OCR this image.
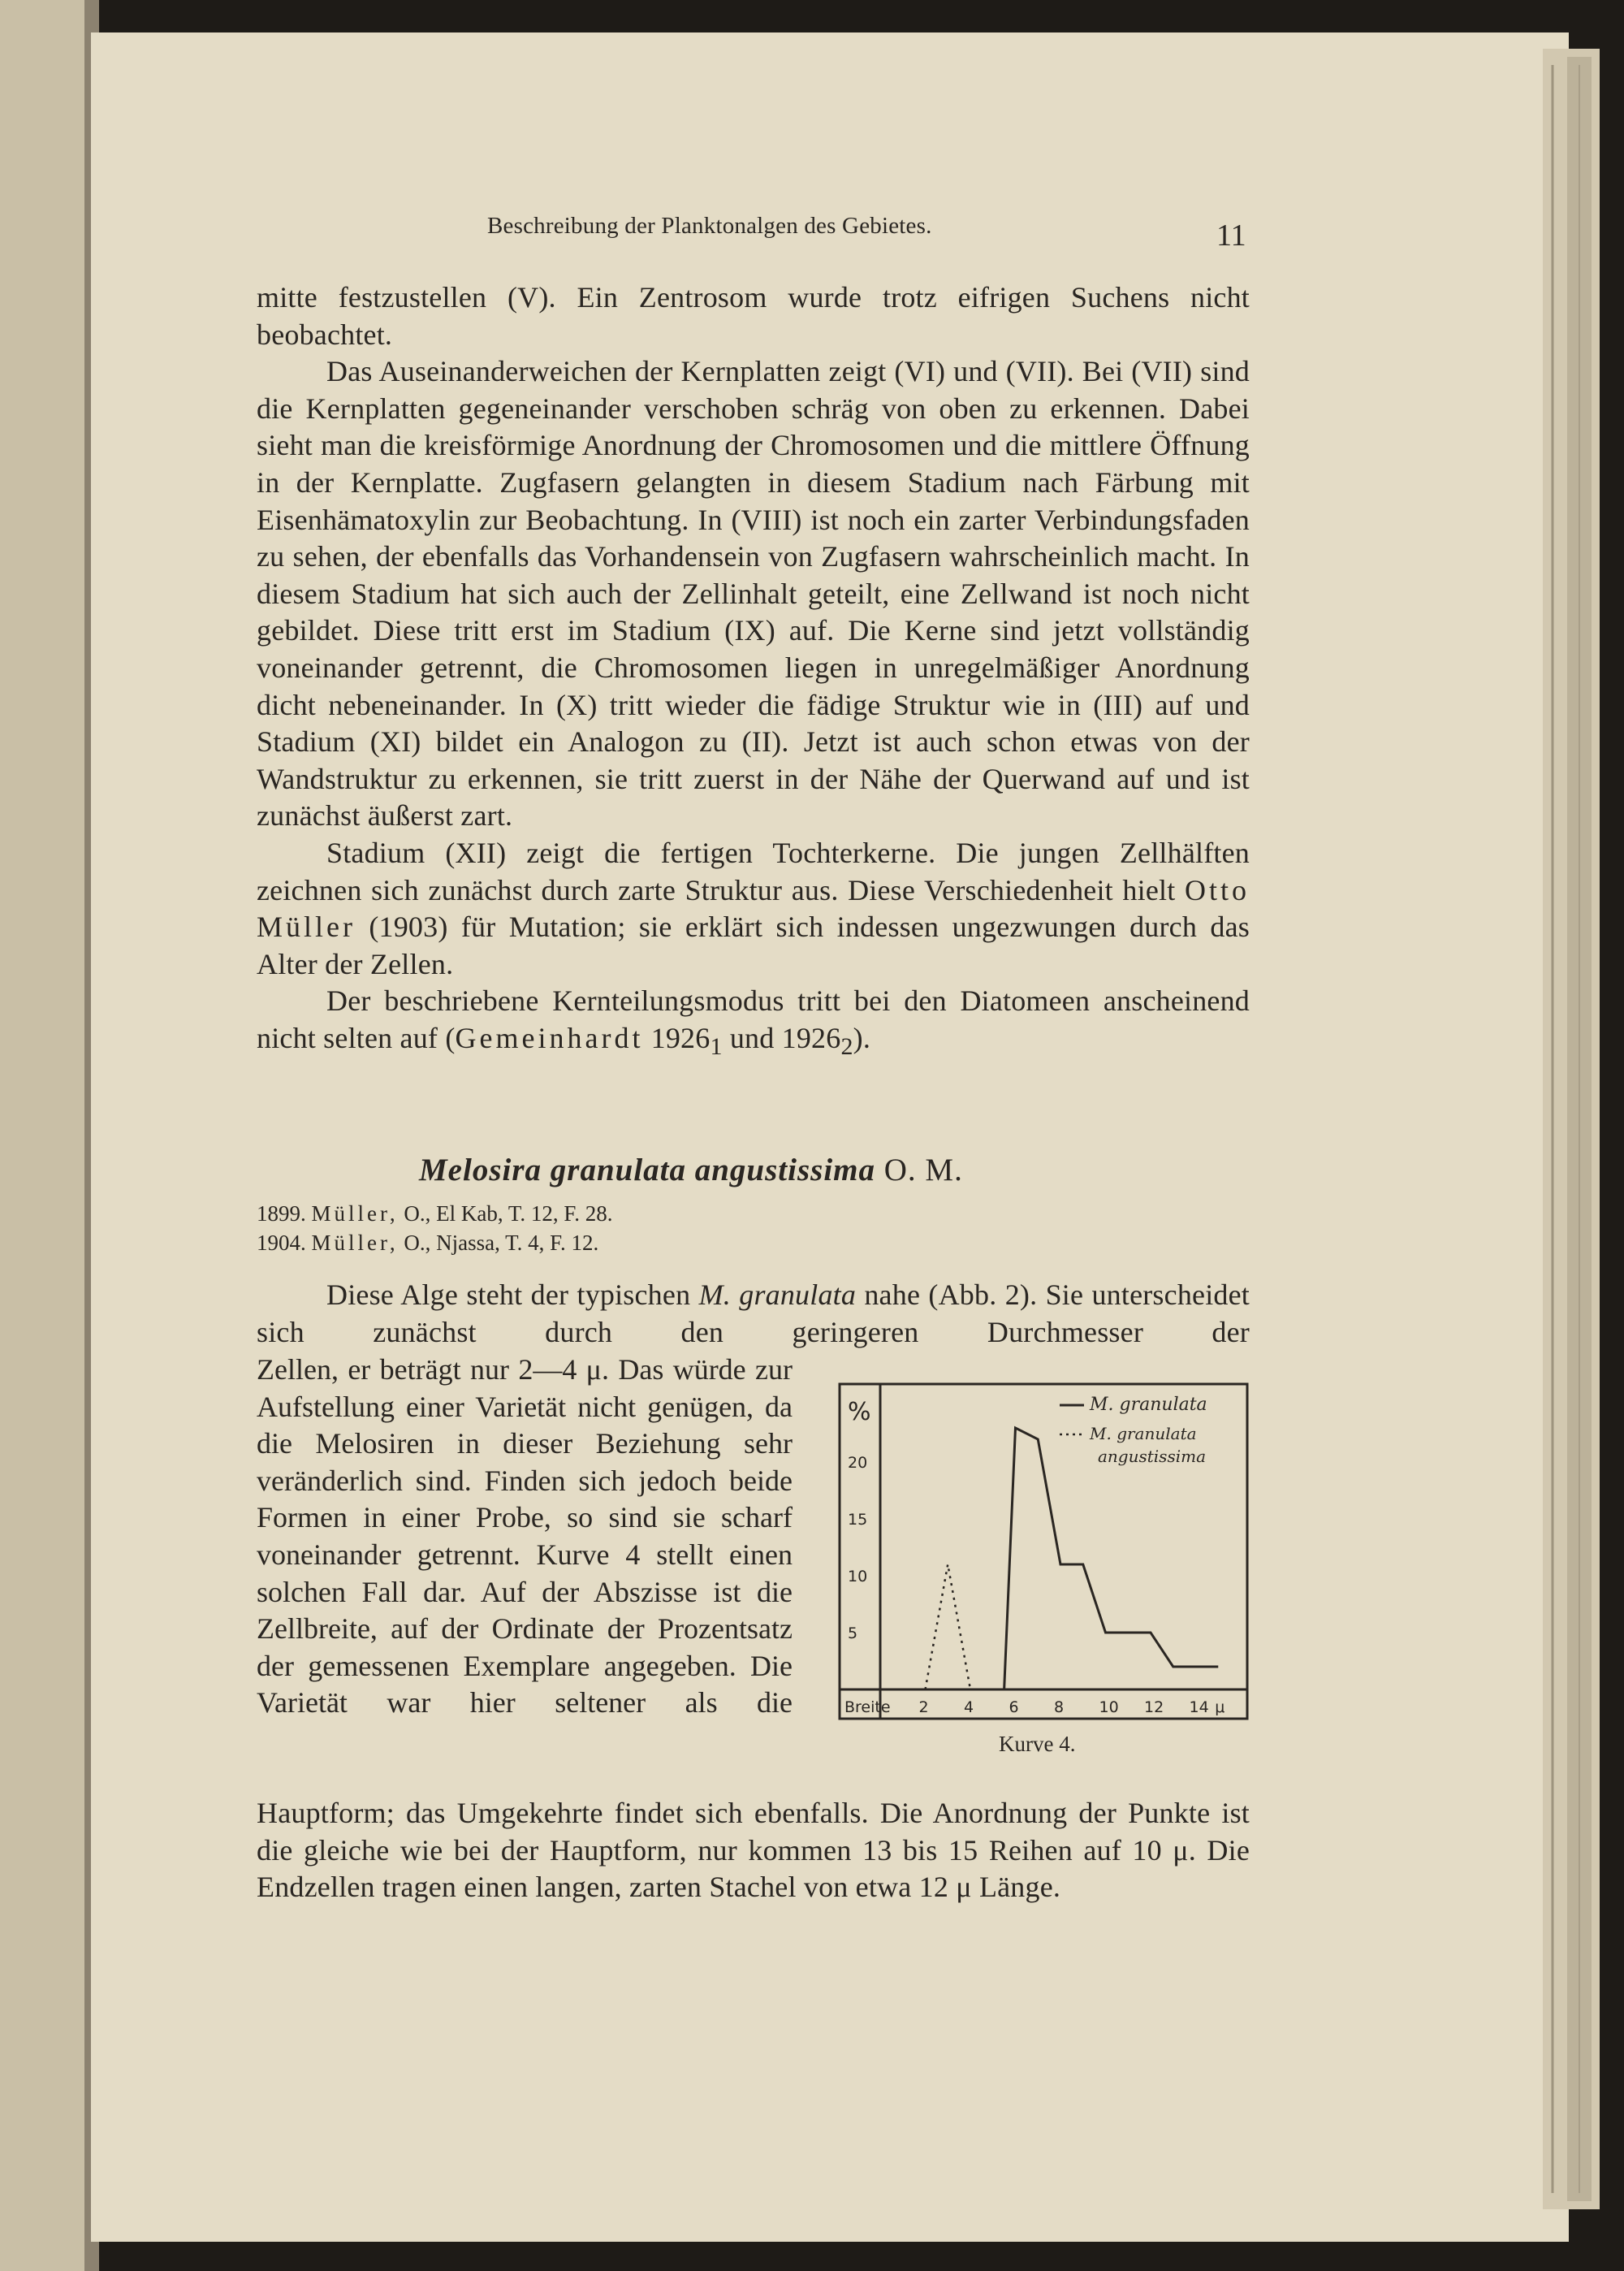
Beschreibung der Planktonalgen des Gebietes.	11

mitte festzustellen (V). Ein Zentrosom wurde trotz eifrigen Suchens nicht beobachtet.

Das Auseinanderweichen der Kernplatten zeigt (VI) und (VII). Bei (VII) sind die Kernplatten gegeneinander verschoben schräg von oben zu erkennen. Dabei sieht man die kreisförmige Anordnung der Chromosomen und die mittlere Öffnung in der Kernplatte. Zugfasern gelangten in diesem Stadium nach Färbung mit Eisenhämatoxylin zur Beobachtung. In (VIII) ist noch ein zarter Verbindungsfaden zu sehen, der ebenfalls das Vorhandensein von Zugfasern wahrscheinlich macht. In diesem Stadium hat sich auch der Zellinhalt geteilt, eine Zellwand ist noch nicht gebildet. Diese tritt erst im Stadium (IX) auf. Die Kerne sind jetzt vollständig voneinander getrennt, die Chromosomen liegen in unregelmäßiger Anordnung dicht nebeneinander. In (X) tritt wieder die fädige Struktur wie in (III) auf und Stadium (XI) bildet ein Analogon zu (II). Jetzt ist auch schon etwas von der Wandstruktur zu erkennen, sie tritt zuerst in der Nähe der Querwand auf und ist zunächst äußerst zart.

Stadium (XII) zeigt die fertigen Tochterkerne. Die jungen Zellhälften zeichnen sich zunächst durch zarte Struktur aus. Diese Verschiedenheit hielt Otto Müller (1903) für Mutation; sie erklärt sich indessen ungezwungen durch das Alter der Zellen.

Der beschriebene Kernteilungsmodus tritt bei den Diatomeen anscheinend nicht selten auf (Gemeinhardt $1926_1$ und $1926_2$).

Melosira granulata angustissima O. M.
1899. Müller, O., El Kab, T. 12, F. 28.
1904. Müller, O., Njassa, T. 4, F. 12.

Diese Alge steht der typischen M. granulata nahe (Abb. 2). Sie unterscheidet sich zunächst durch den geringeren Durchmesser der

Zellen, er beträgt nur 2—4 μ. Das würde zur Aufstellung einer Varietät nicht genügen, da die Melosiren in dieser Beziehung sehr veränderlich sind. Finden sich jedoch beide Formen in einer Probe, so sind sie scharf voneinander getrennt. Kurve 4 stellt einen solchen Fall dar. Auf der Abszisse ist die Zellbreite, auf der Ordinate der Prozentsatz der gemessenen Exemplare angegeben. Die Varietät war hier seltener als die

Hauptform; das Umgekehrte findet sich ebenfalls. Die Anordnung der Punkte ist die gleiche wie bei der Hauptform, nur kommen 13 bis 15 Reihen auf 10 μ. Die Endzellen tragen einen langen, zarten Stachel von etwa 12 μ Länge.

%
Breite
5
10
15
20
2 4 6 8 10 12 14 μ
M. granulata
M. granulata
angustissima
Kurve 4.
